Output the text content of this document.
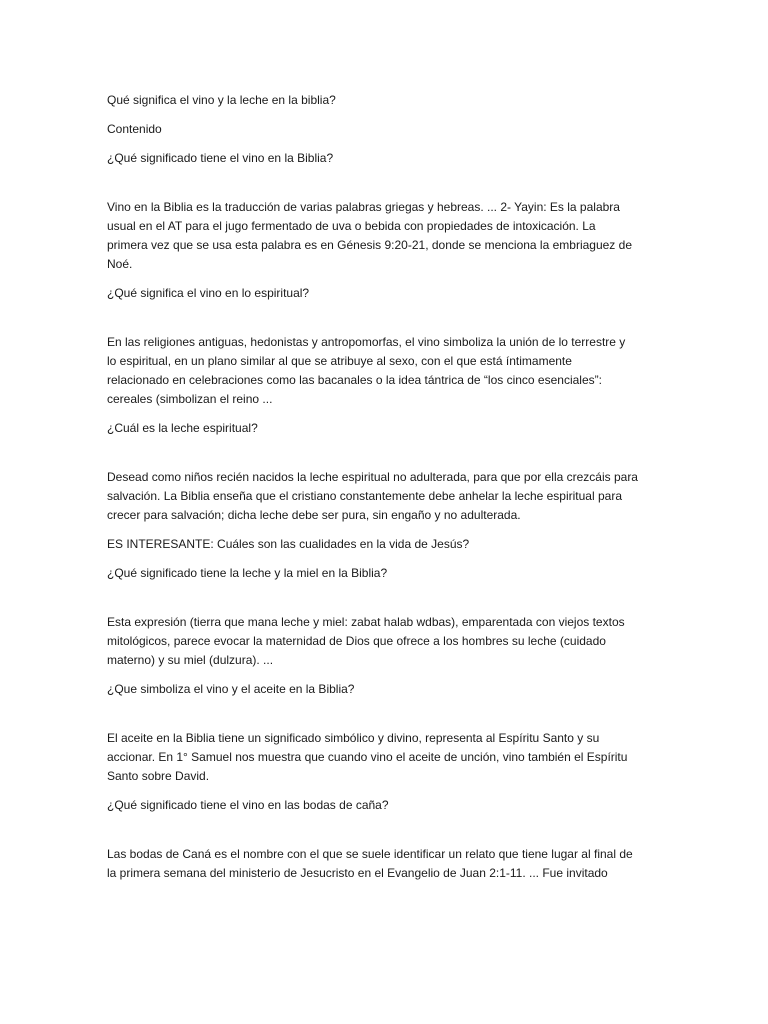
Qué significa el vino y la leche en la biblia?

Contenido

¿Qué significado tiene el vino en la Biblia?

Vino en la Biblia es la traducción de varias palabras griegas y hebreas. ... 2- Yayin: Es la palabra

usual en el AT para el jugo fermentado de uva o bebida con propiedades de intoxicación. La

primera vez que se usa esta palabra es en Génesis 9:20-21, donde se menciona la embriaguez de

Noé.

¿Qué significa el vino en lo espiritual?

En las religiones antiguas, hedonistas y antropomorfas, el vino simboliza la unión de lo terrestre y

lo espiritual, en un plano similar al que se atribuye al sexo, con el que está íntimamente

relacionado en celebraciones como las bacanales o la idea tántrica de “los cinco esenciales”:

cereales (simbolizan el reino ...

¿Cuál es la leche espiritual?

Desead como niños recién nacidos la leche espiritual no adulterada, para que por ella crezcáis para

salvación. La Biblia enseña que el cristiano constantemente debe anhelar la leche espiritual para

crecer para salvación; dicha leche debe ser pura, sin engaño y no adulterada.

ES INTERESANTE: Cuáles son las cualidades en la vida de Jesús?

¿Qué significado tiene la leche y la miel en la Biblia?

Esta expresión (tierra que mana leche y miel: zabat halab wdbas), emparentada con viejos textos

mitológicos, parece evocar la maternidad de Dios que ofrece a los hombres su leche (cuidado

materno) y su miel (dulzura). ...

¿Que simboliza el vino y el aceite en la Biblia?

El aceite en la Biblia tiene un significado simbólico y divino, representa al Espíritu Santo y su

accionar. En 1° Samuel nos muestra que cuando vino el aceite de unción, vino también el Espíritu

Santo sobre David.

¿Qué significado tiene el vino en las bodas de caña?

Las bodas de Caná es el nombre con el que se suele identificar un relato que tiene lugar al final de

la primera semana del ministerio de Jesucristo en el Evangelio de Juan 2:1-11. ... Fue invitado
